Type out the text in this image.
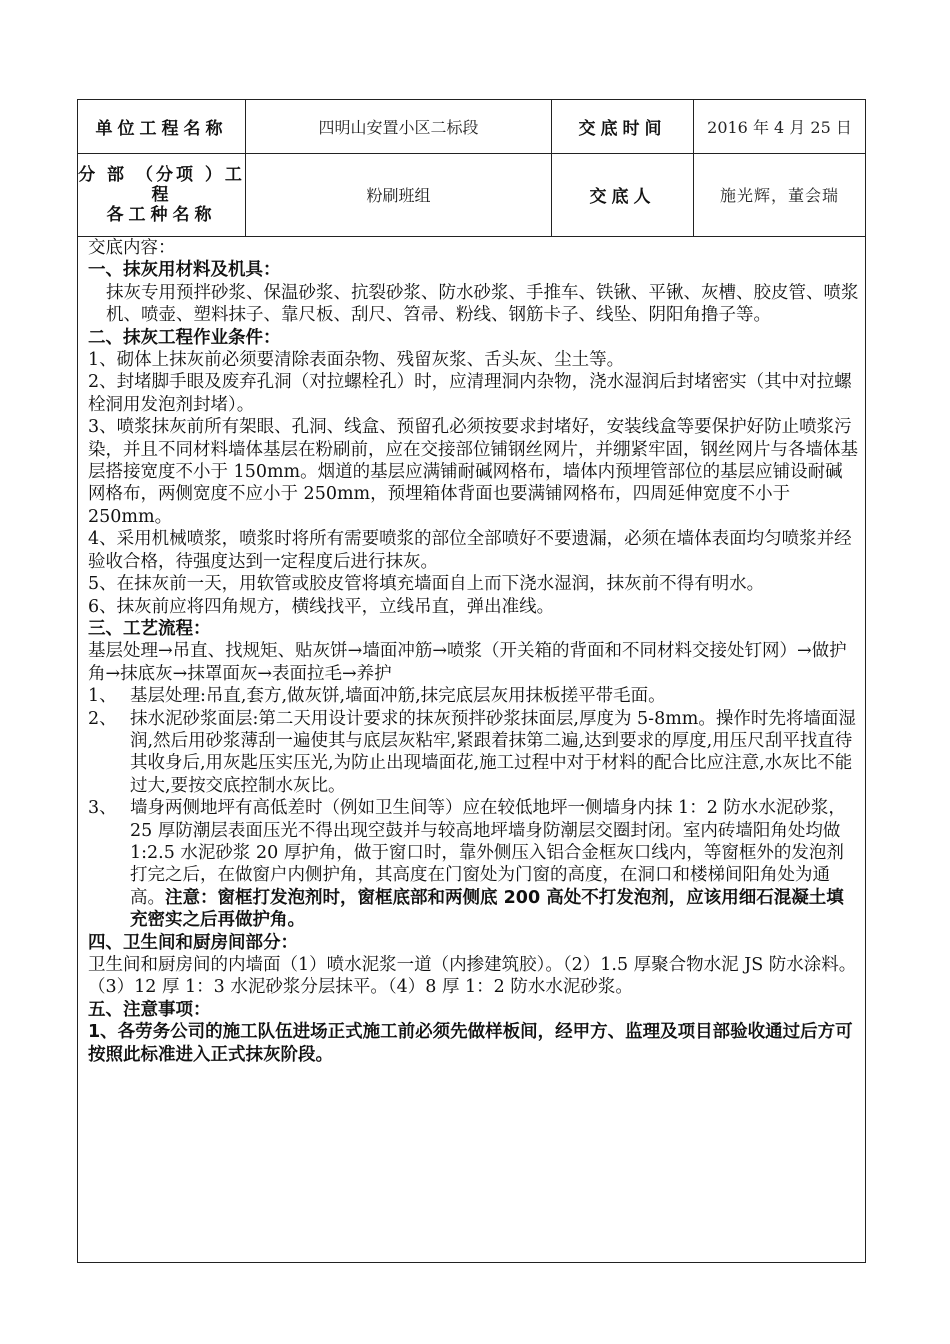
单位工程名称	四明山安置小区二标段	交底时间	2016 年 4 月 25 日
分 部 （分项 ）工
程
各工种名称
粉刷班组	交底人	施光辉，董会瑞

交底内容：

一、抹灰用材料及机具：

抹灰专用预拌砂浆、保温砂浆、抗裂砂浆、防水砂浆、手推车、铁锹、平锹、灰槽、胶皮管、喷浆机、喷壶、塑料抹子、靠尺板、刮尺、笤帚、粉线、钢筋卡子、线坠、阴阳角撸子等。

二、抹灰工程作业条件：

1、砌体上抹灰前必须要清除表面杂物、残留灰浆、舌头灰、尘土等。

2、封堵脚手眼及废弃孔洞（对拉螺栓孔）时，应清理洞内杂物，浇水湿润后封堵密实（其中对拉螺栓洞用发泡剂封堵）。

3、喷浆抹灰前所有架眼、孔洞、线盒、预留孔必须按要求封堵好，安装线盒等要保护好防止喷浆污染，并且不同材料墙体基层在粉刷前，应在交接部位铺钢丝网片，并绷紧牢固，钢丝网片与各墙体基层搭接宽度不小于 150mm。烟道的基层应满铺耐碱网格布，墙体内预埋管部位的基层应铺设耐碱网格布，两侧宽度不应小于 250mm，预埋箱体背面也要满铺网格布，四周延伸宽度不小于 250mm。

4、采用机械喷浆，喷浆时将所有需要喷浆的部位全部喷好不要遗漏，必须在墙体表面均匀喷浆并经验收合格，待强度达到一定程度后进行抹灰。

5、在抹灰前一天，用软管或胶皮管将填充墙面自上而下浇水湿润，抹灰前不得有明水。

6、抹灰前应将四角规方，横线找平，立线吊直，弹出准线。

三、工艺流程：

基层处理→吊直、找规矩、贴灰饼→墙面冲筋→喷浆（开关箱的背面和不同材料交接处钉网）→做护角→抹底灰→抹罩面灰→表面拉毛→养护

1、 基层处理:吊直,套方,做灰饼,墙面冲筋,抹完底层灰用抹板搓平带毛面。
2、 抹水泥砂浆面层:第二天用设计要求的抹灰预拌砂浆抹面层,厚度为 5-8mm。操作时先将墙面湿润,然后用砂浆薄刮一遍使其与底层灰粘牢,紧跟着抹第二遍,达到要求的厚度,用压尺刮平找直待其收身后,用灰匙压实压光,为防止出现墙面花,施工过程中对于材料的配合比应注意,水灰比不能过大,要按交底控制水灰比。
3、 墙身两侧地坪有高低差时（例如卫生间等）应在较低地坪一侧墙身内抹 1：2 防水水泥砂浆，25 厚防潮层表面压光不得出现空鼓并与较高地坪墙身防潮层交圈封闭。室内砖墙阳角处均做 1:2.5 水泥砂浆 20 厚护角，做于窗口时，靠外侧压入铝合金框灰口线内，等窗框外的发泡剂打完之后，在做窗户内侧护角，其高度在门窗处为门窗的高度，在洞口和楼梯间阳角处为通高。注意：窗框打发泡剂时，窗框底部和两侧底 200 高处不打发泡剂，应该用细石混凝土填充密实之后再做护角。

四、卫生间和厨房间部分：

卫生间和厨房间的内墙面（1）喷水泥浆一道（内掺建筑胶）。（2）1.5 厚聚合物水泥 JS 防水涂料。（3）12 厚 1：3 水泥砂浆分层抹平。（4）8 厚 1：2 防水水泥砂浆。

五、注意事项：

1、各劳务公司的施工队伍进场正式施工前必须先做样板间，经甲方、监理及项目部验收通过后方可按照此标准进入正式抹灰阶段。
